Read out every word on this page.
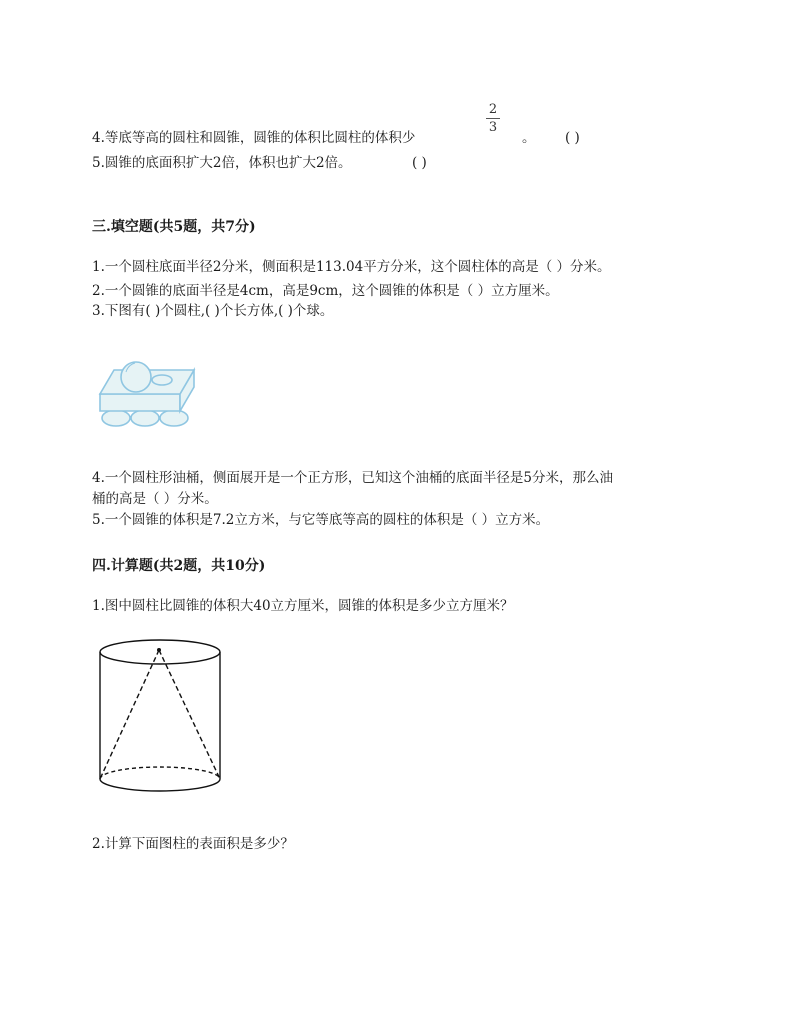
4.等底等高的圆柱和圆锥，圆锥的体积比圆柱的体积少
2
3
。 ( )
5.圆锥的底面积扩大2倍，体积也扩大2倍。	( )
三.填空题(共5题，共7分)
1.一个圆柱底面半径2分米，侧面积是113.04平方分米，这个圆柱体的高是（ ）分米。
2.一个圆锥的底面半径是4cm，高是9cm，这个圆锥的体积是（ ）立方厘米。
3.下图有( )个圆柱,( )个长方体,( )个球。
4.一个圆柱形油桶，侧面展开是一个正方形，已知这个油桶的底面半径是5分米，那么油
桶的高是（ ）分米。
5.一个圆锥的体积是7.2立方米，与它等底等高的圆柱的体积是（ ）立方米。
四.计算题(共2题，共10分)
1.图中圆柱比圆锥的体积大40立方厘米，圆锥的体积是多少立方厘米？
2.计算下面图柱的表面积是多少？
